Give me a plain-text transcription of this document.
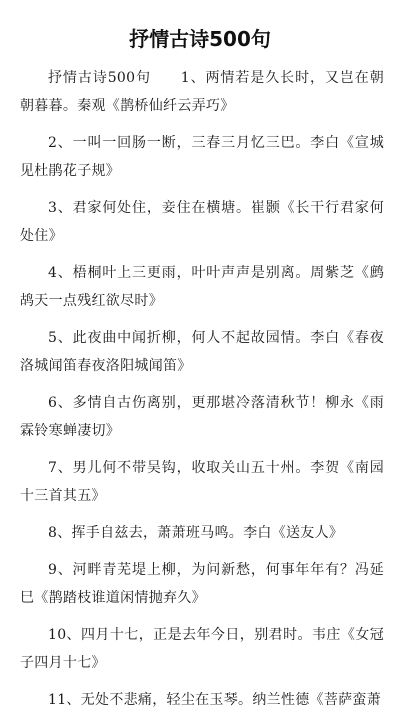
抒情古诗500句

抒情古诗500句　　1、两情若是久长时，又岂在朝朝暮暮。秦观《鹊桥仙纤云弄巧》

2、一叫一回肠一断，三春三月忆三巴。李白《宣城见杜鹃花子规》

3、君家何处住，妾住在横塘。崔颢《长干行君家何处住》

4、梧桐叶上三更雨，叶叶声声是别离。周紫芝《鹧鸪天一点残红欲尽时》

5、此夜曲中闻折柳，何人不起故园情。李白《春夜洛城闻笛春夜洛阳城闻笛》

6、多情自古伤离别，更那堪冷落清秋节！柳永《雨霖铃寒蝉凄切》

7、男儿何不带吴钩，收取关山五十州。李贺《南园十三首其五》

8、挥手自兹去，萧萧班马鸣。李白《送友人》

9、河畔青芜堤上柳，为问新愁，何事年年有？冯延巳《鹊踏枝谁道闲情抛弃久》

10、四月十七，正是去年今日，别君时。韦庄《女冠子四月十七》

11、无处不悲痛，轻尘在玉琴。纳兰性德《菩萨蛮萧
